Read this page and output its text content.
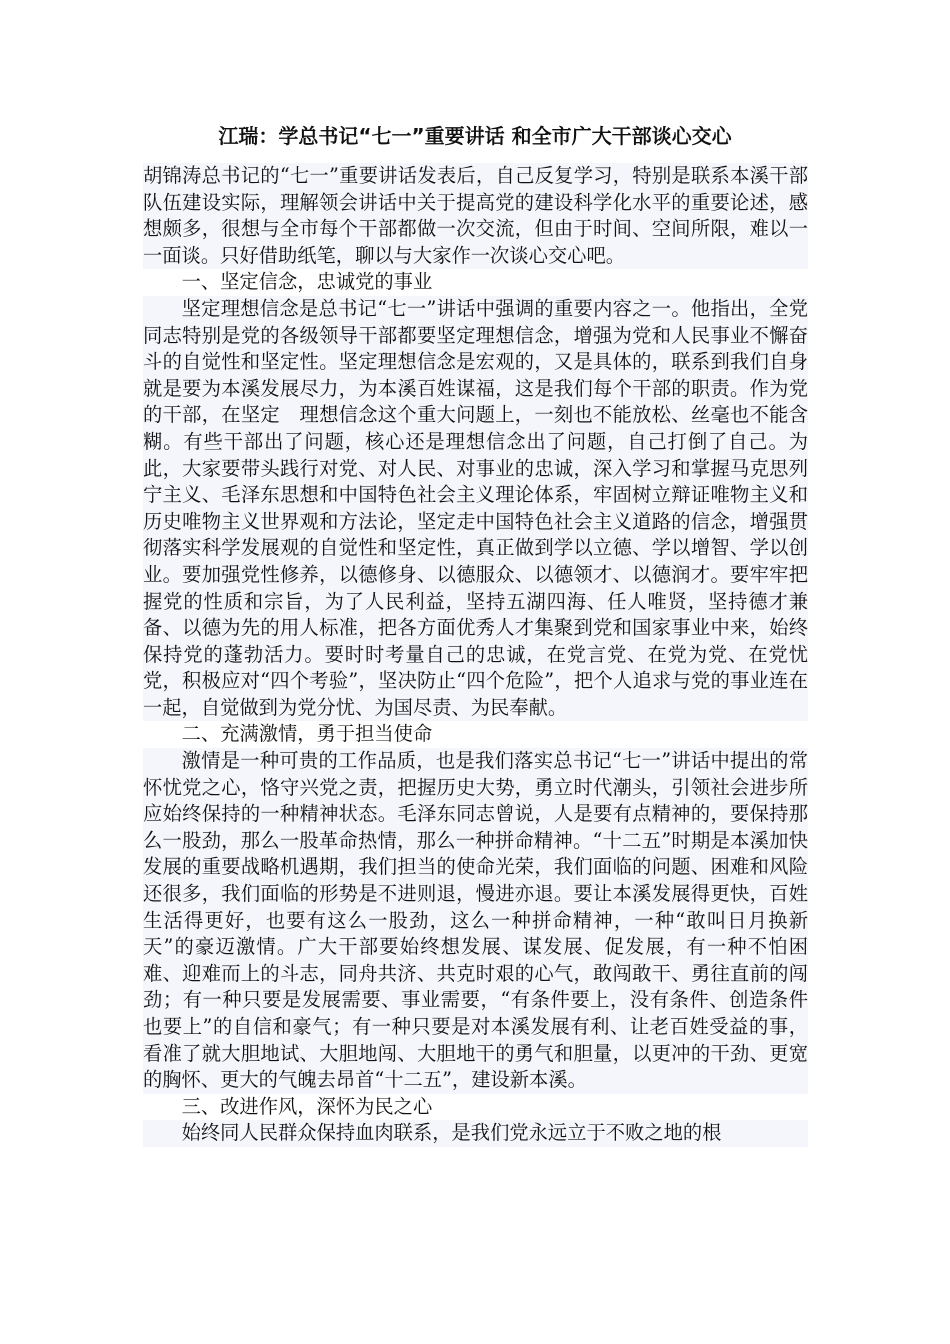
江瑞：学总书记“七一”重要讲话 和全市广大干部谈心交心

胡锦涛总书记的“七一”重要讲话发表后，自己反复学习，特别是联系本溪干部队伍建设实际，理解领会讲话中关于提高党的建设科学化水平的重要论述，感想颇多，很想与全市每个干部都做一次交流，但由于时间、空间所限，难以一一面谈。只好借助纸笔，聊以与大家作一次谈心交心吧。

一、坚定信念，忠诚党的事业

坚定理想信念是总书记“七一”讲话中强调的重要内容之一。他指出，全党同志特别是党的各级领导干部都要坚定理想信念，增强为党和人民事业不懈奋斗的自觉性和坚定性。坚定理想信念是宏观的，又是具体的，联系到我们自身就是要为本溪发展尽力，为本溪百姓谋福，这是我们每个干部的职责。作为党的干部，在坚定　理想信念这个重大问题上，一刻也不能放松、丝毫也不能含糊。有些干部出了问题，核心还是理想信念出了问题，自己打倒了自己。为此，大家要带头践行对党、对人民、对事业的忠诚，深入学习和掌握马克思列宁主义、毛泽东思想和中国特色社会主义理论体系，牢固树立辩证唯物主义和历史唯物主义世界观和方法论，坚定走中国特色社会主义道路的信念，增强贯彻落实科学发展观的自觉性和坚定性，真正做到学以立德、学以增智、学以创业。要加强党性修养，以德修身、以德服众、以德领才、以德润才。要牢牢把握党的性质和宗旨，为了人民利益，坚持五湖四海、任人唯贤，坚持德才兼备、以德为先的用人标准，把各方面优秀人才集聚到党和国家事业中来，始终保持党的蓬勃活力。要时时考量自己的忠诚，在党言党、在党为党、在党忧党，积极应对“四个考验”，坚决防止“四个危险”，把个人追求与党的事业连在一起，自觉做到为党分忧、为国尽责、为民奉献。

二、充满激情，勇于担当使命

激情是一种可贵的工作品质，也是我们落实总书记“七一”讲话中提出的常怀忧党之心，恪守兴党之责，把握历史大势，勇立时代潮头，引领社会进步所应始终保持的一种精神状态。毛泽东同志曾说，人是要有点精神的，要保持那么一股劲，那么一股革命热情，那么一种拼命精神。“十二五”时期是本溪加快发展的重要战略机遇期，我们担当的使命光荣，我们面临的问题、困难和风险还很多，我们面临的形势是不进则退，慢进亦退。要让本溪发展得更快，百姓生活得更好，也要有这么一股劲，这么一种拼命精神，一种“敢叫日月换新天”的豪迈激情。广大干部要始终想发展、谋发展、促发展，有一种不怕困难、迎难而上的斗志，同舟共济、共克时艰的心气，敢闯敢干、勇往直前的闯劲；有一种只要是发展需要、事业需要，“有条件要上，没有条件、创造条件也要上”的自信和豪气；有一种只要是对本溪发展有利、让老百姓受益的事，看准了就大胆地试、大胆地闯、大胆地干的勇气和胆量，以更冲的干劲、更宽的胸怀、更大的气魄去昂首“十二五”，建设新本溪。

三、改进作风，深怀为民之心

始终同人民群众保持血肉联系，是我们党永远立于不败之地的根
